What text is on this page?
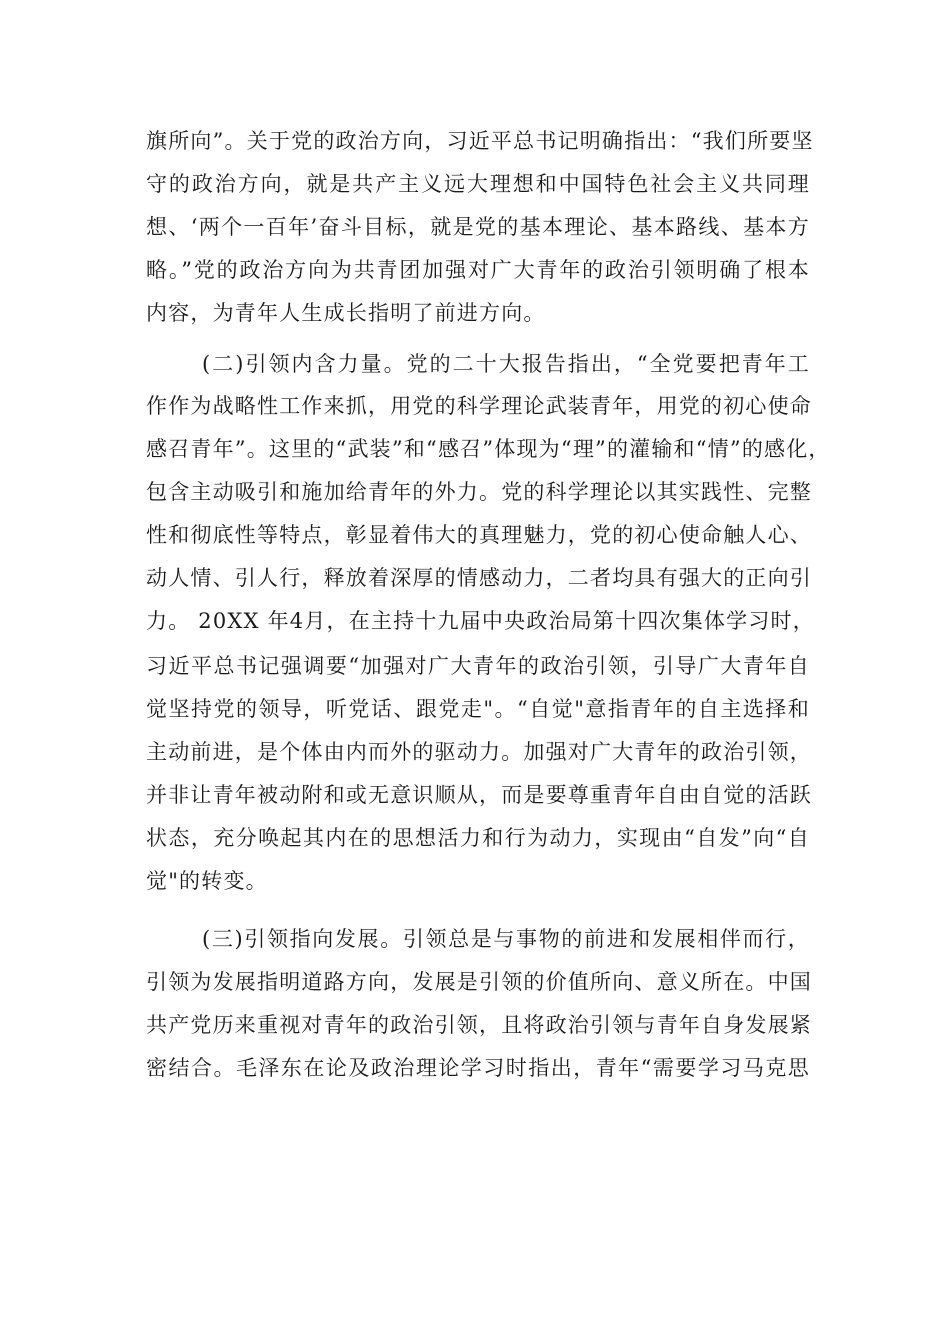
旗所向”。关于党的政治方向，习近平总书记明确指出：“我们所要坚
守的政治方向，就是共产主义远大理想和中国特色社会主义共同理
想、‘两个一百年’奋斗目标，就是党的基本理论、基本路线、基本方
略。”党的政治方向为共青团加强对广大青年的政治引领明确了根本
内容，为青年人生成长指明了前进方向。
(二)引领内含力量。党的二十大报告指出，“全党要把青年工
作作为战略性工作来抓，用党的科学理论武装青年，用党的初心使命
感召青年”。这里的“武装”和“感召”体现为“理”的灌输和“情”的感化，
包含主动吸引和施加给青年的外力。党的科学理论以其实践性、完整
性和彻底性等特点，彰显着伟大的真理魅力，党的初心使命触人心、
动人情、引人行，释放着深厚的情感动力，二者均具有强大的正向引
力。 20XX 年4月，在主持十九届中央政治局第十四次集体学习时，
习近平总书记强调要“加强对广大青年的政治引领，引导广大青年自
觉坚持党的领导，听党话、跟党走"。“自觉"意指青年的自主选择和
主动前进，是个体由内而外的驱动力。加强对广大青年的政治引领，
并非让青年被动附和或无意识顺从，而是要尊重青年自由自觉的活跃
状态，充分唤起其内在的思想活力和行为动力，实现由“自发”向“自
觉"的转变。
(三)引领指向发展。引领总是与事物的前进和发展相伴而行，
引领为发展指明道路方向，发展是引领的价值所向、意义所在。中国
共产党历来重视对青年的政治引领，且将政治引领与青年自身发展紧
密结合。毛泽东在论及政治理论学习时指出，青年“需要学习马克思
